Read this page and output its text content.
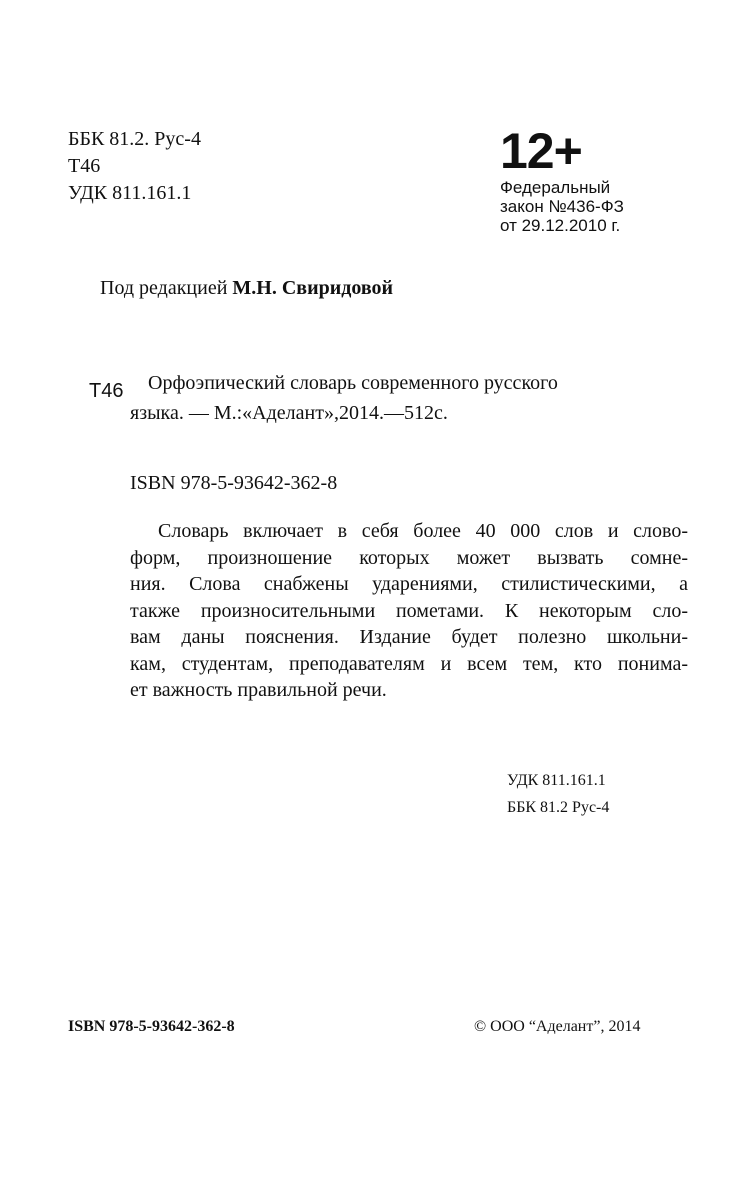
ББК 81.2. Рус-4
Т46
УДК 811.161.1
12+
Федеральный
закон №436-ФЗ
от 29.12.2010 г.
Под редакцией М.Н. Свиридовой
Т46 Орфоэпический словарь современного русского
языка. — М.:«Аделант»,2014.—512с.
ISBN 978-5-93642-362-8
Словарь включает в себя более 40 000 слов и слово-
форм, произношение которых может вызвать сомне-
ния. Слова снабжены ударениями, стилистическими, а
также произносительными пометами. К некоторым сло-
вам даны пояснения. Издание будет полезно школьни-
кам, студентам, преподавателям и всем тем, кто понима-
ет важность правильной речи.
УДК 811.161.1
ББК 81.2 Рус-4
ISBN 978-5-93642-362-8	© ООО “Аделант”, 2014
